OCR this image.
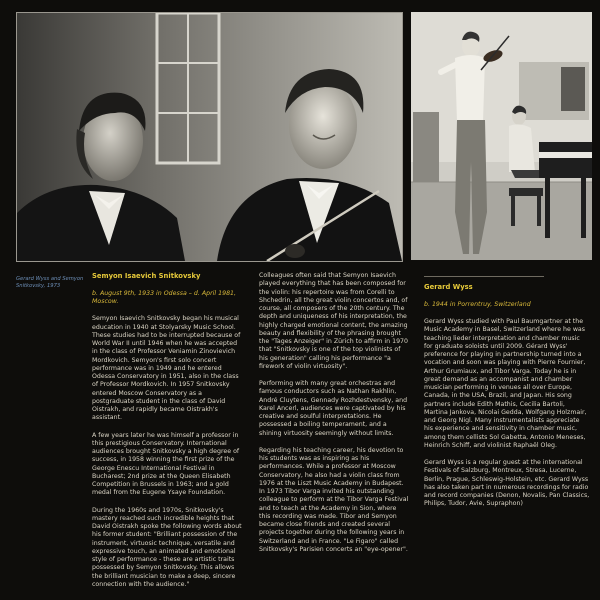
Gerard Wyss and Semyon
Snitkovsky, 1973

Semyon Isaevich Snitkovsky

b. August 9th, 1933 in Odessa – d. April 1981,
Moscow.

Semyon Isaevich Snitkovsky began his musical education in 1940 at Stolyarsky Music School. These studies had to be interrupted because of World War II until 1946 when he was accepted in the class of Professor Veniamin Zinovievich Mordkovich. Semyon's first solo concert performance was in 1949 and he entered Odessa Conservatory in 1951, also in the class of Professor Mordkovich. In 1957 Snitkovsky entered Moscow Conservatory as a postgraduate student in the class of David Oistrakh, and rapidly became Oistrakh's assistant.

A few years later he was himself a professor in this prestigious Conservatory. International audiences brought Snitkovsky a high degree of success, in 1958 winning the first prize of the George Enescu International Festival in Bucharest; 2nd prize at the Queen Elisabeth Competition in Brussels in 1963; and a gold medal from the Eugene Ysaye Foundation.

During the 1960s and 1970s, Snitkovsky's mastery reached such incredible heights that David Oistrakh spoke the following words about his former student: "Brilliant possession of the instrument, virtuosic technique, versatile and expressive touch, an animated and emotional style of performance - these are artistic traits possessed by Semyon Snitkovsky. This allows the brilliant musician to make a deep, sincere connection with the audience."

Colleagues often said that Semyon Isaevich played everything that has been composed for the violin: his repertoire was from Corelli to Shchedrin, all the great violin concertos and, of course, all composers of the 20th century. The depth and uniqueness of his interpretation, the highly charged emotional content, the amazing beauty and flexibility of the phrasing brought the "Tages Anzeiger" in Zürich to affirm in 1970 that "Snitkovsky is one of the top violinists of his generation" calling his performance "a firework of violin virtuosity".

Performing with many great orchestras and famous conductors such as Nathan Rakhlin, André Cluytens, Gennady Rozhdestvensky, and Karel Ancerl, audiences were captivated by his creative and soulful interpretations. He possessed a boiling temperament, and a shining virtuosity seemingly without limits.

Regarding his teaching career, his devotion to his students was as inspiring as his performances. While a professor at Moscow Conservatory, he also had a violin class from 1976 at the Liszt Music Academy in Budapest. In 1973 Tibor Varga invited his outstanding colleague to perform at the Tibor Varga Festival and to teach at the Academy in Sion, where this recording was made. Tibor and Semyon became close friends and created several projects together during the following years in Switzerland and in France. "Le Figaro" called Snitkovsky's Parisien concerts an "eye-opener".

Gerard Wyss

b. 1944 in Porrentruy, Switzerland

Gerard Wyss studied with Paul Baumgartner at the Music Academy in Basel, Switzerland where he was teaching lieder interpretation and chamber music for graduate soloists until 2009. Gérard Wyss' preference for playing in partnership turned into a vocation and soon was playing with Pierre Fournier, Arthur Grumiaux, and Tibor Varga. Today he is in great demand as an accompanist and chamber musician performing in venues all over Europe, Canada, in the USA, Brazil, and Japan. His song partners include Edith Mathis, Cecilia Bartoli, Martina Jankova, Nicolai Gedda, Wolfgang Holzmair, and Georg Nigl. Many instrumentalists appreciate his experience and sensitivity in chamber music, among them cellists Sol Gabetta, Antonio Meneses, Heinrich Schiff, and violinist Raphaël Oleg.

Gerard Wyss is a regular guest at the international Festivals of Salzburg, Montreux, Stresa, Lucerne, Berlin, Prague, Schleswig-Holstein, etc. Gerard Wyss has also taken part in numerous recordings for radio and record companies (Denon, Novalis, Pan Classics, Philips, Tudor, Avie, Supraphon)
